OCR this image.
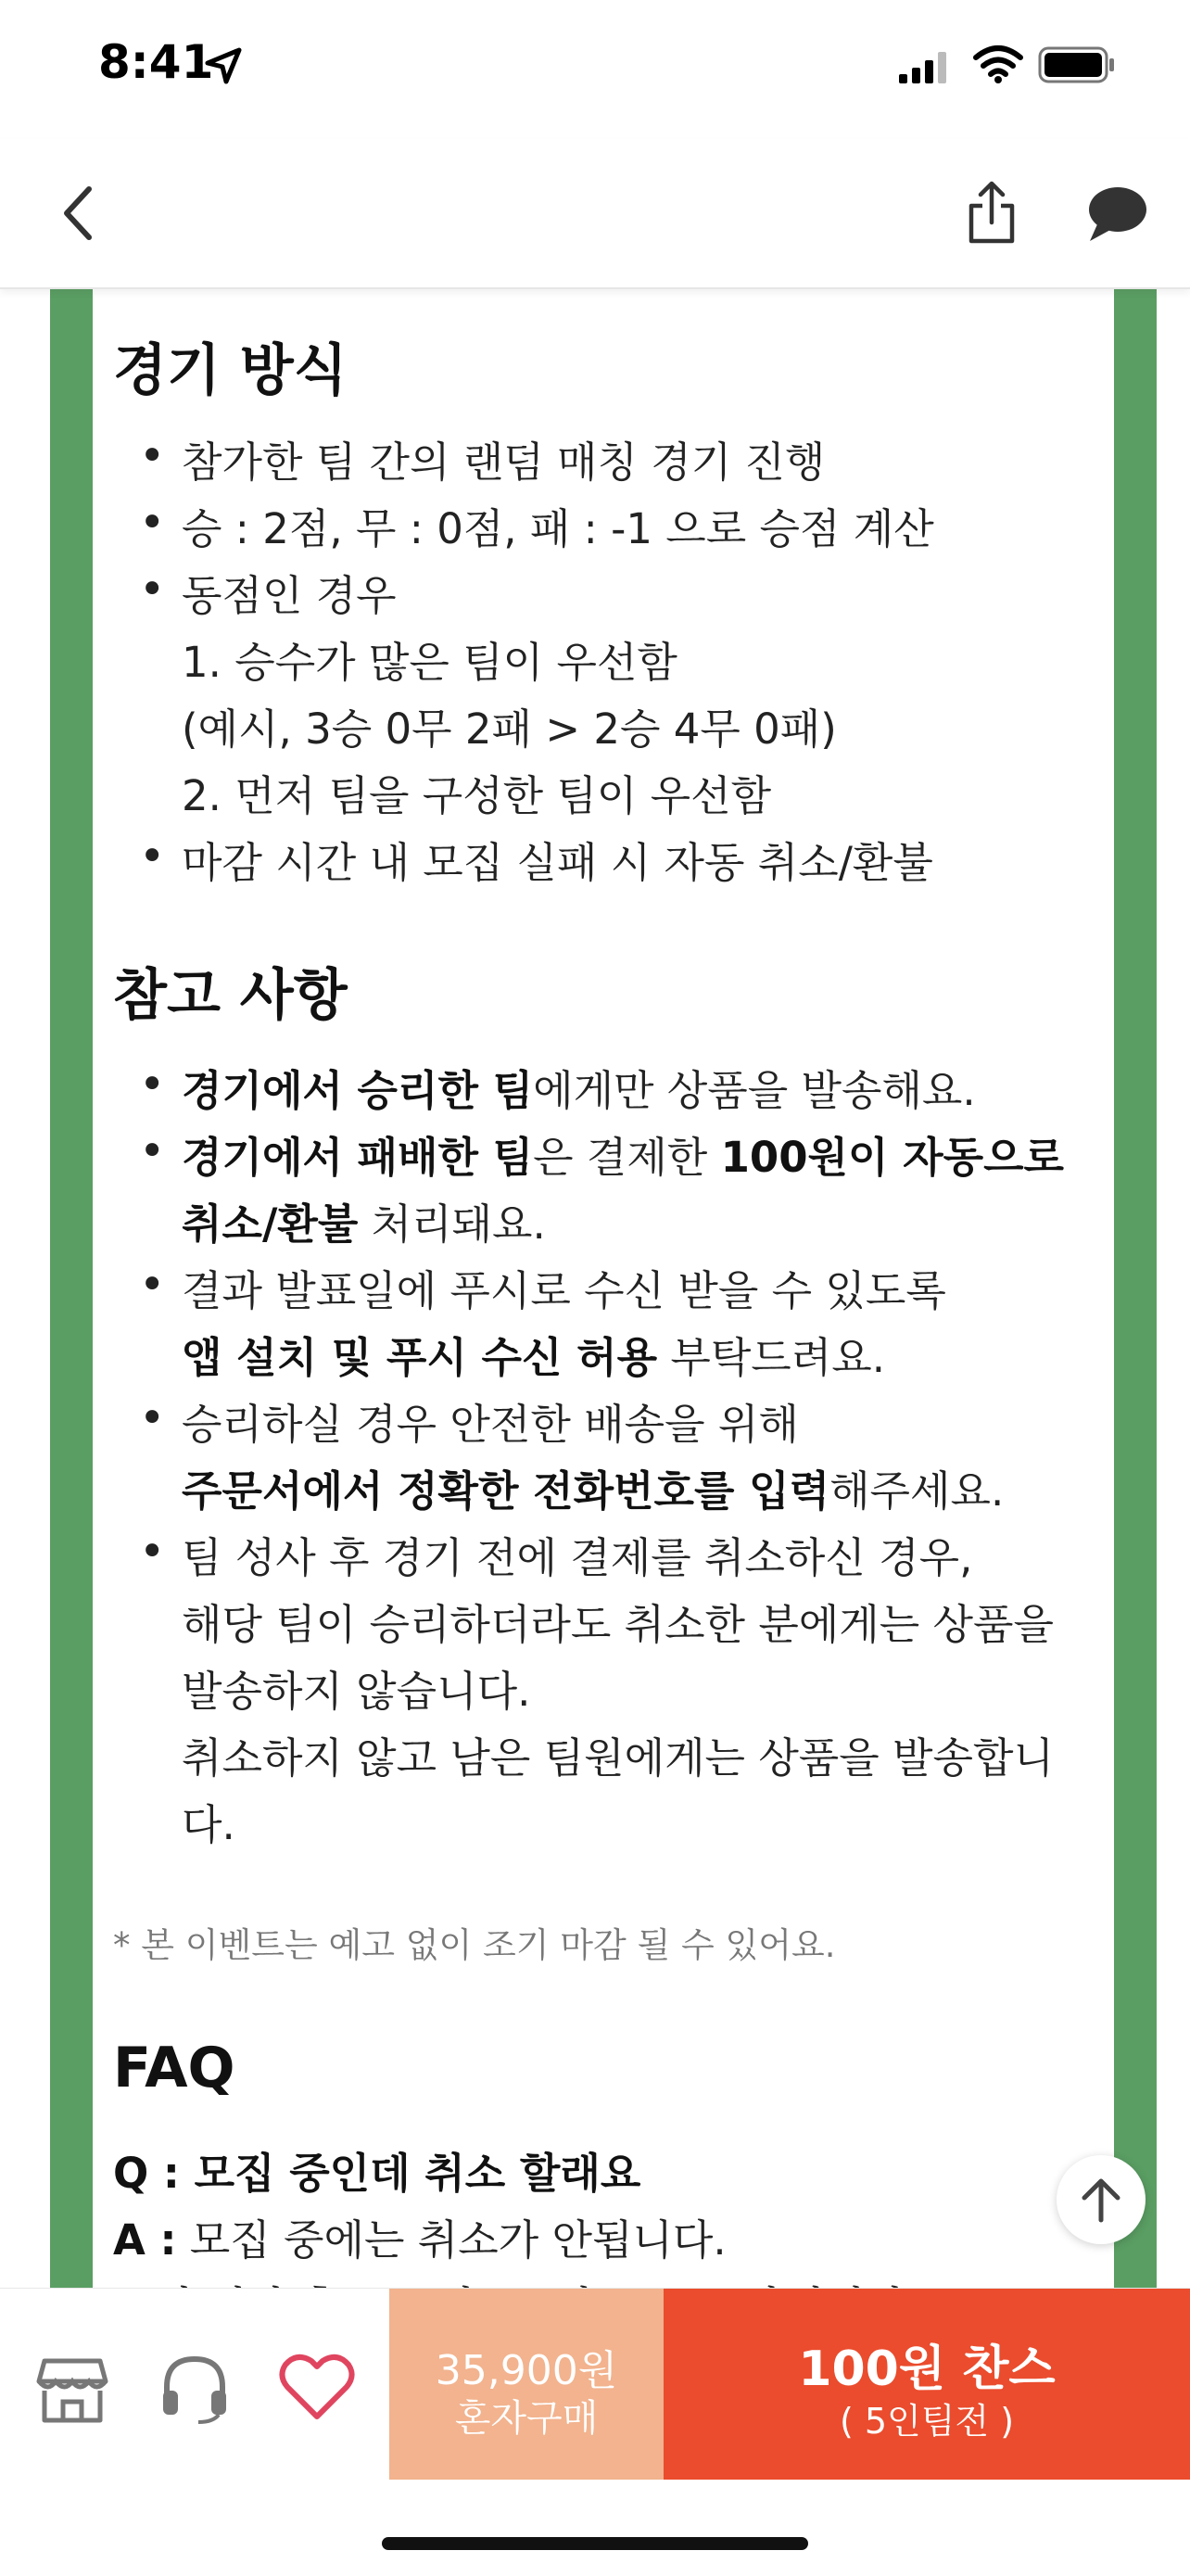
8:41
경기 방식
• 참가한 팀 간의 랜덤 매칭 경기 진행
• 승 : 2점, 무 : 0점, 패 : -1 으로 승점 계산
• 동점인 경우
1. 승수가 많은 팀이 우선함
(예시, 3승 0무 2패 > 2승 4무 0패)
2. 먼저 팀을 구성한 팀이 우선함
• 마감 시간 내 모집 실패 시 자동 취소/환불
참고 사항
• 경기에서 승리한 팀에게만 상품을 발송해요.
• 경기에서 패배한 팀은 결제한 100원이 자동으로
취소/환불 처리돼요.
• 결과 발표일에 푸시로 수신 받을 수 있도록
앱 설치 및 푸시 수신 허용 부탁드려요.
• 승리하실 경우 안전한 배송을 위해
주문서에서 정확한 전화번호를 입력해주세요.
• 팀 성사 후 경기 전에 결제를 취소하신 경우,
해당 팀이 승리하더라도 취소한 분에게는 상품을
발송하지 않습니다.
취소하지 않고 남은 팀원에게는 상품을 발송합니
다.
* 본 이벤트는 예고 없이 조기 마감 될 수 있어요.
FAQ
Q : 모집 중인데 취소 할래요
A : 모집 중에는 취소가 안됩니다.
35,900원
혼자구매
100원 찬스
( 5인팀전 )
